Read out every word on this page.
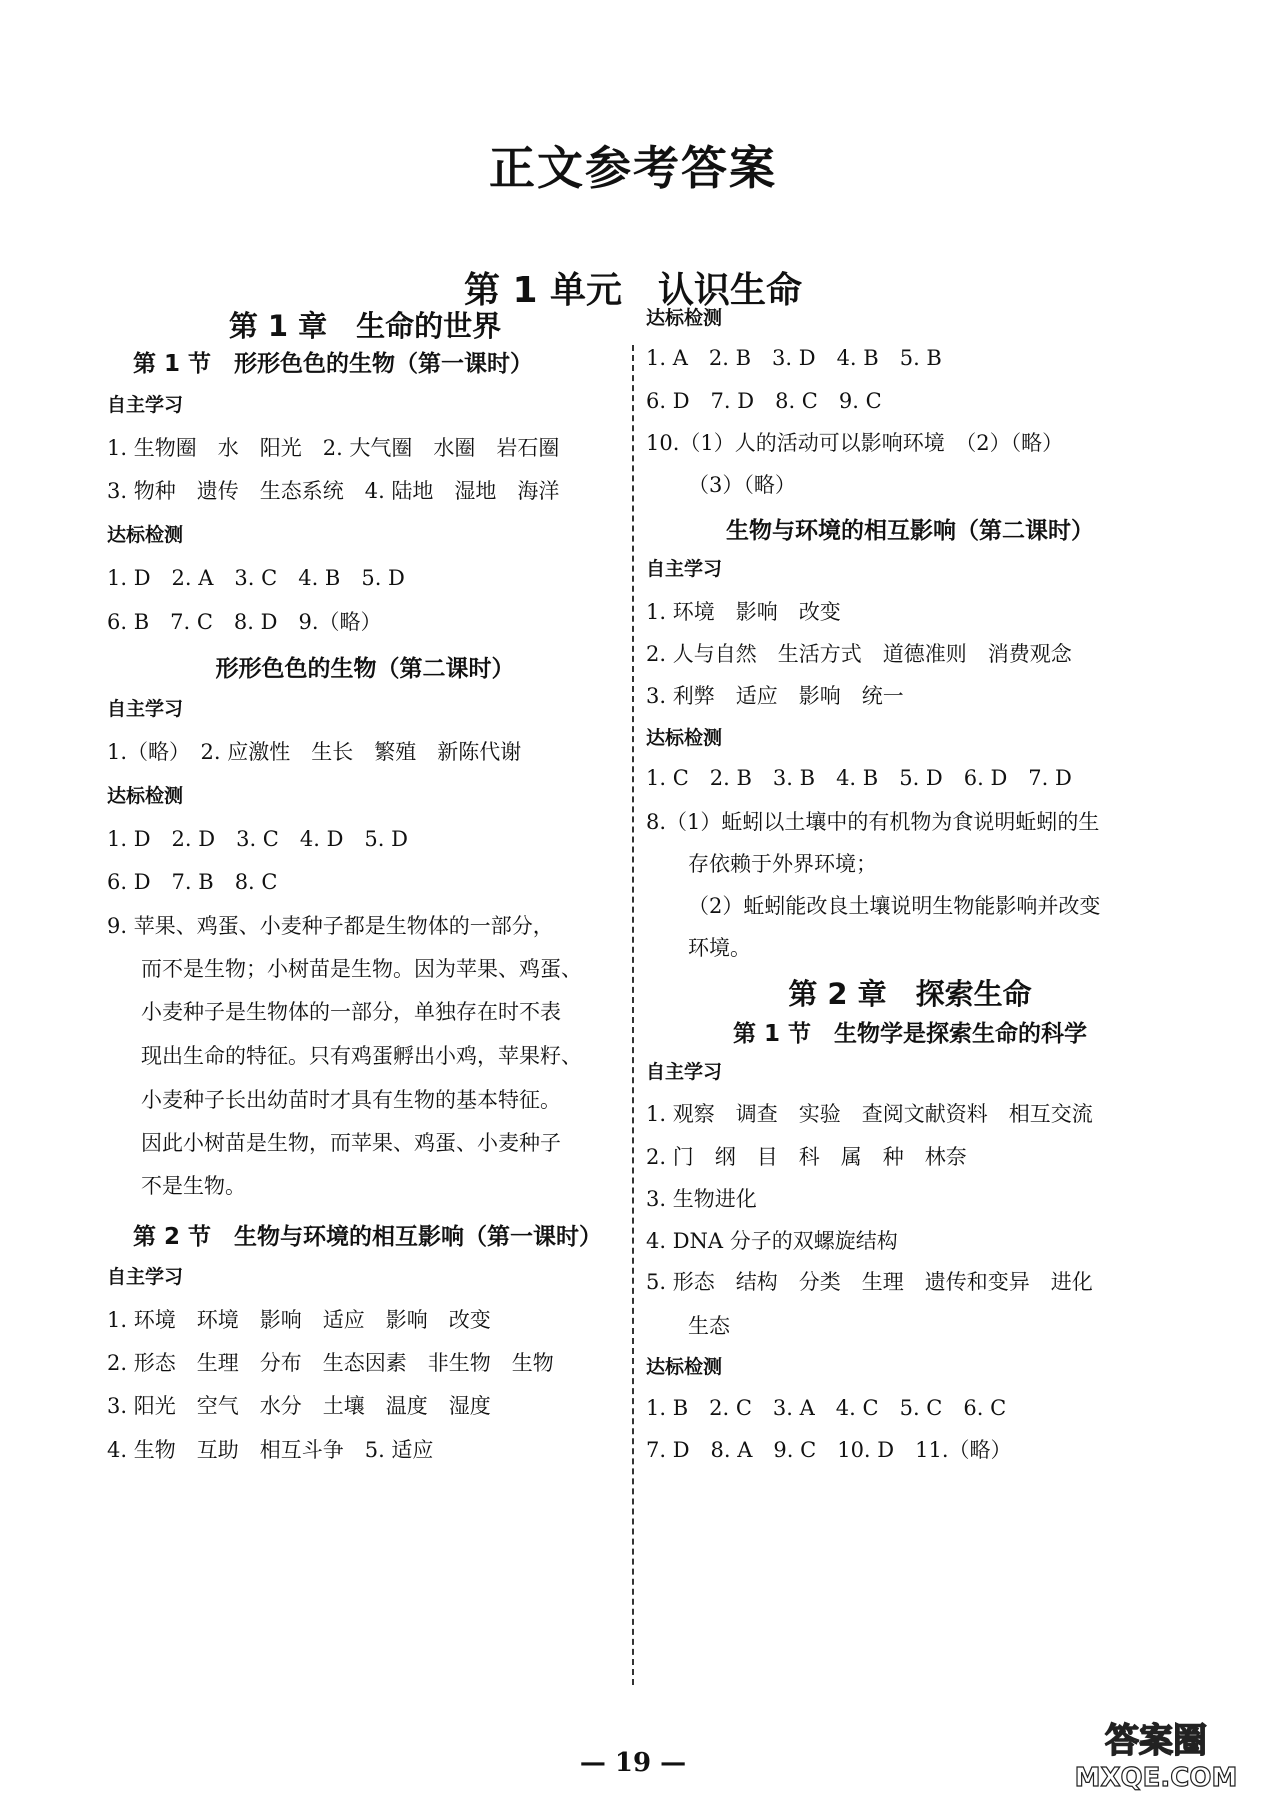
正文参考答案
第 1 单元　认识生命
第 1 章　生命的世界
第 1 节　形形色色的生物（第一课时）
自主学习
1. 生物圈　水　阳光　2. 大气圈　水圈　岩石圈
3. 物种　遗传　生态系统　4. 陆地　湿地　海洋
达标检测
1. D　2. A　3. C　4. B　5. D
6. B　7. C　8. D　9.（略）
形形色色的生物（第二课时）
自主学习
1.（略）　2. 应激性　生长　繁殖　新陈代谢
达标检测
1. D　2. D　3. C　4. D　5. D
6. D　7. B　8. C
9. 苹果、鸡蛋、小麦种子都是生物体的一部分，
而不是生物；小树苗是生物。因为苹果、鸡蛋、
小麦种子是生物体的一部分，单独存在时不表
现出生命的特征。只有鸡蛋孵出小鸡，苹果籽、
小麦种子长出幼苗时才具有生物的基本特征。
因此小树苗是生物，而苹果、鸡蛋、小麦种子
不是生物。
第 2 节　生物与环境的相互影响（第一课时）
自主学习
1. 环境　环境　影响　适应　影响　改变
2. 形态　生理　分布　生态因素　非生物　生物
3. 阳光　空气　水分　土壤　温度　湿度
4. 生物　互助　相互斗争　5. 适应
达标检测
1. A　2. B　3. D　4. B　5. B
6. D　7. D　8. C　9. C
10.（1）人的活动可以影响环境　（2）（略）
（3）（略）
生物与环境的相互影响（第二课时）
自主学习
1. 环境　影响　改变
2. 人与自然　生活方式　道德准则　消费观念
3. 利弊　适应　影响　统一
达标检测
1. C　2. B　3. B　4. B　5. D　6. D　7. D
8.（1）蚯蚓以土壤中的有机物为食说明蚯蚓的生
存依赖于外界环境；
（2）蚯蚓能改良土壤说明生物能影响并改变
环境。
第 2 章　探索生命
第 1 节　生物学是探索生命的科学
自主学习
1. 观察　调查　实验　查阅文献资料　相互交流
2. 门　纲　目　科　属　种　林奈
3. 生物进化
4. DNA 分子的双螺旋结构
5. 形态　结构　分类　生理　遗传和变异　进化
生态
达标检测
1. B　2. C　3. A　4. C　5. C　6. C
7. D　8. A　9. C　10. D　11.（略）
— 19 —
答案圈
MXQE.COM
